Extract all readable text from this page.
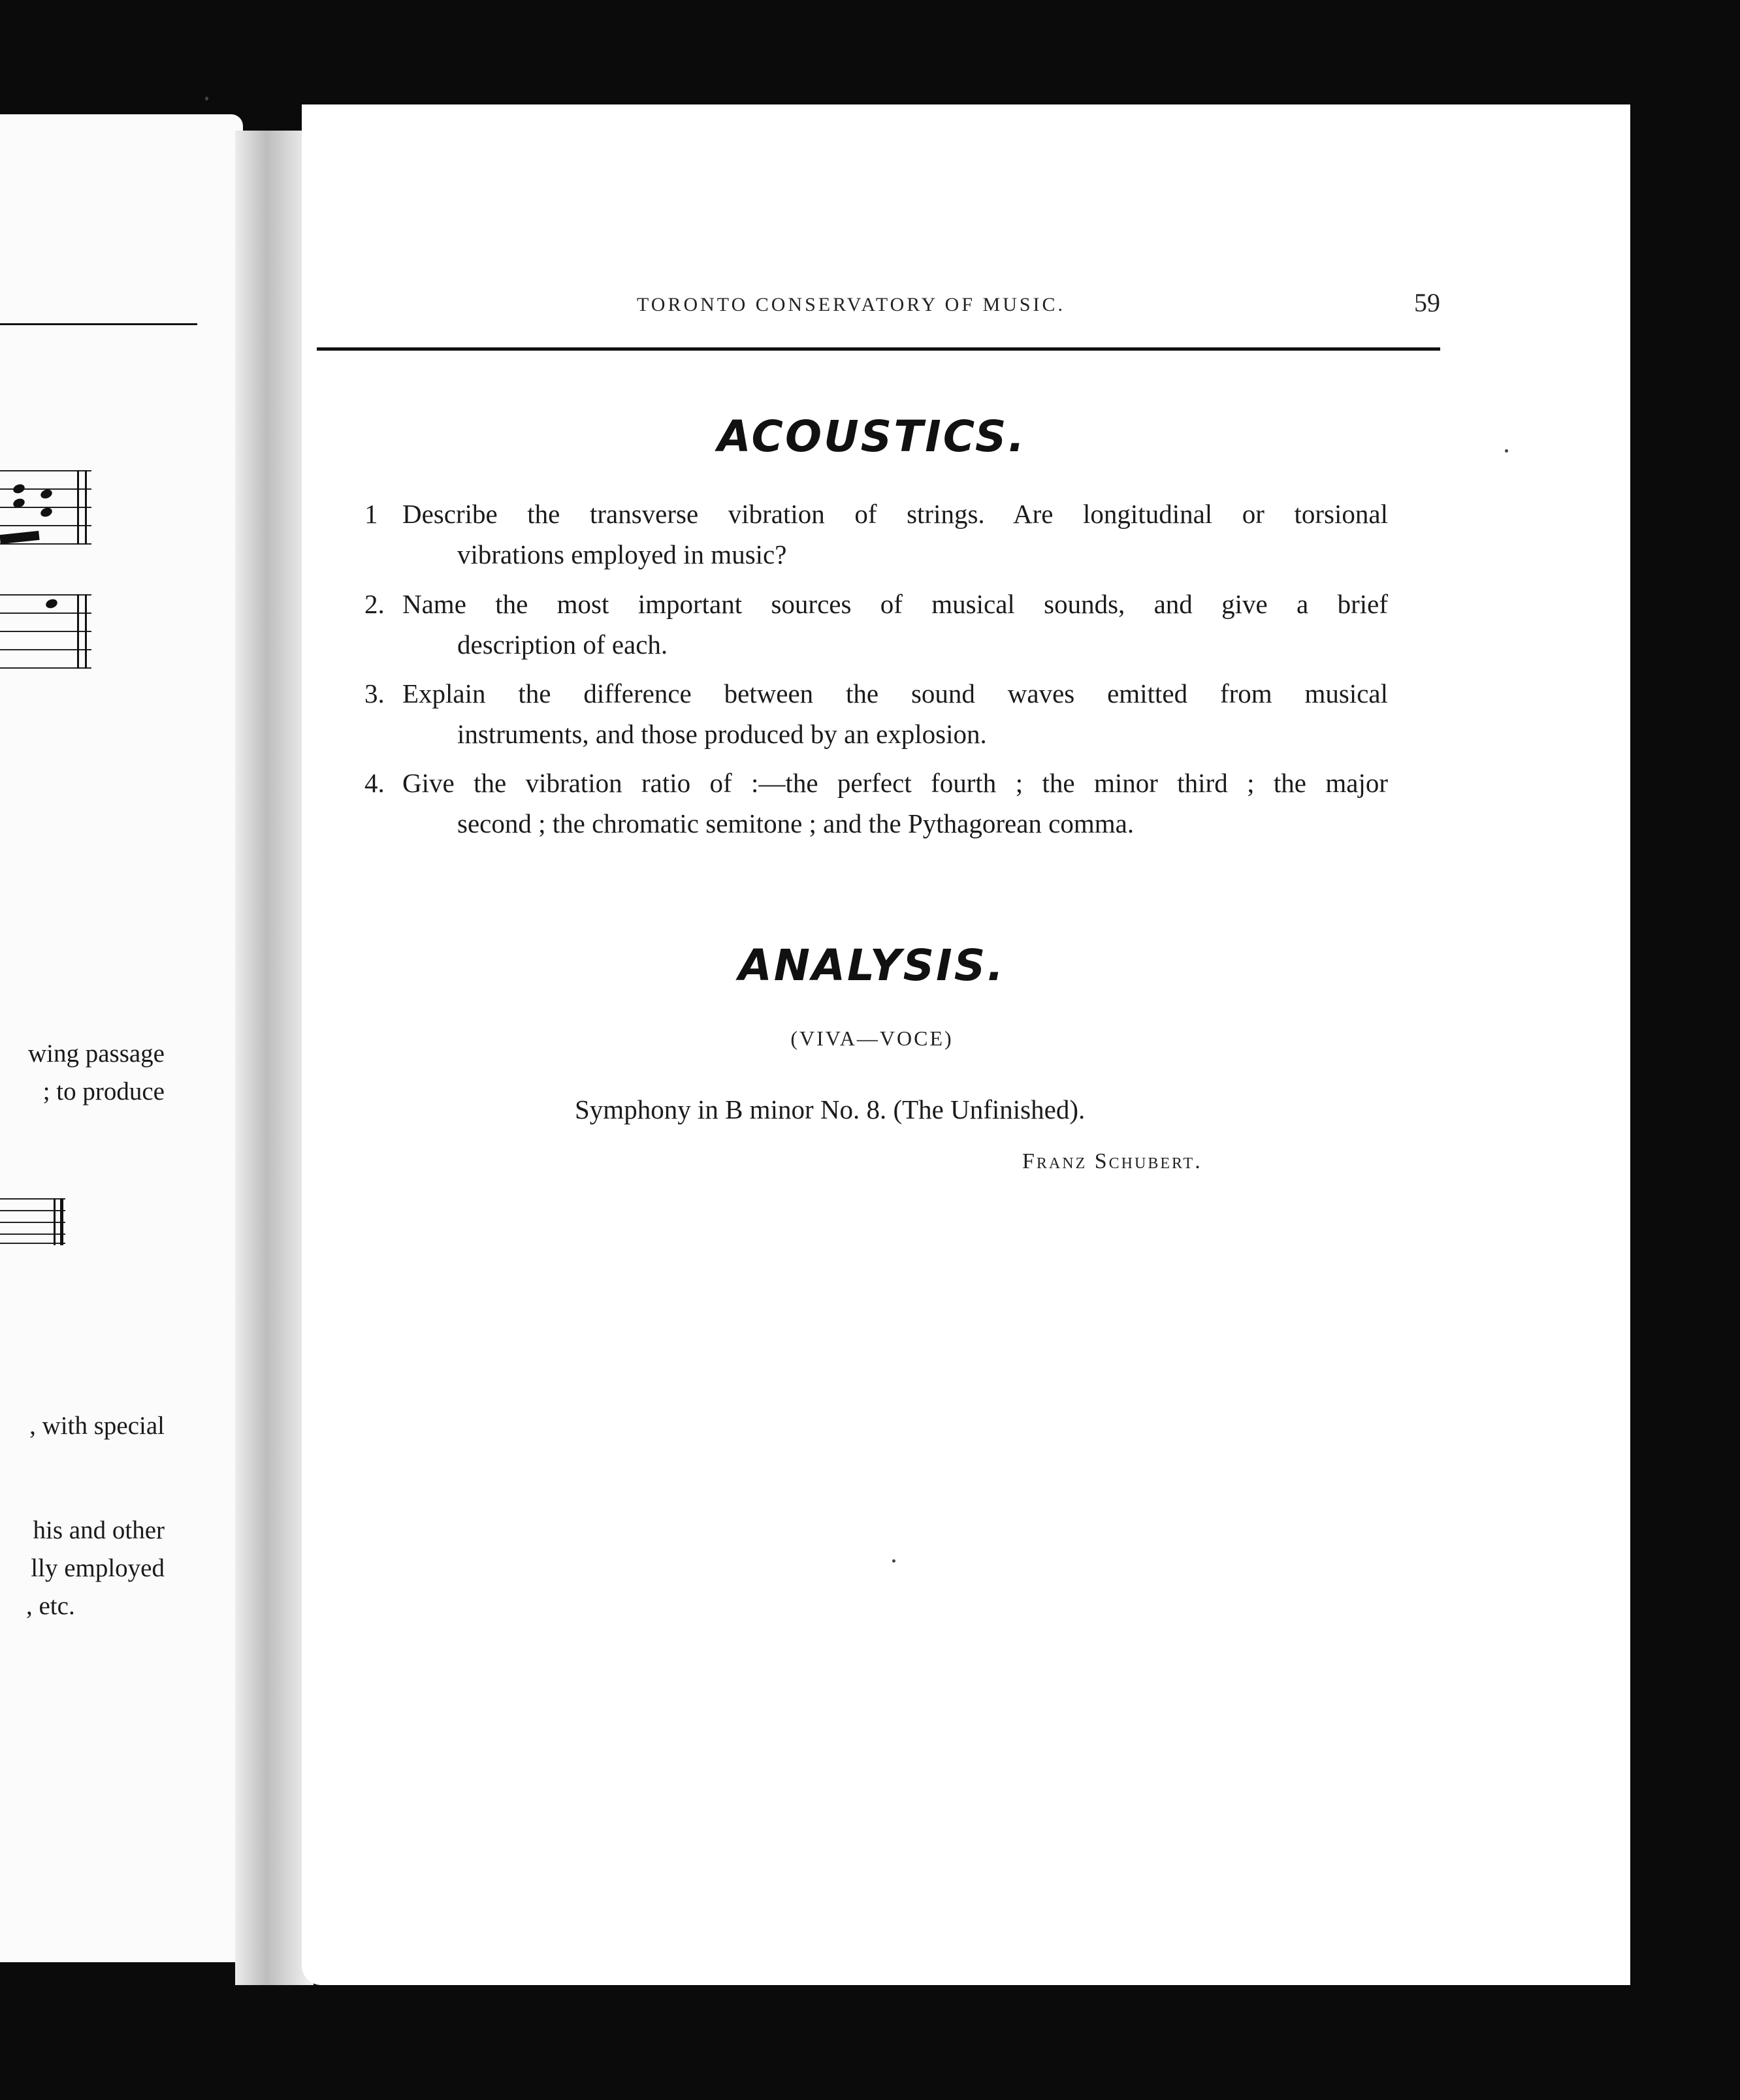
wing passage
; to produce
, with special
his and other
lly employed
, etc.
TORONTO CONSERVATORY OF MUSIC.	59
ACOUSTICS.
1 Describe the transverse vibration of strings. Are longitudinal or torsional
vibrations employed in music?
2. Name the most important sources of musical sounds, and give a brief
description of each.
3. Explain the difference between the sound waves emitted from musical
instruments, and those produced by an explosion.
4. Give the vibration ratio of :—the perfect fourth ; the minor third ; the major
second ; the chromatic semitone ; and the Pythagorean comma.
ANALYSIS.
(VIVA—VOCE)
Symphony in B minor No. 8. (The Unfinished).
Franz Schubert.
